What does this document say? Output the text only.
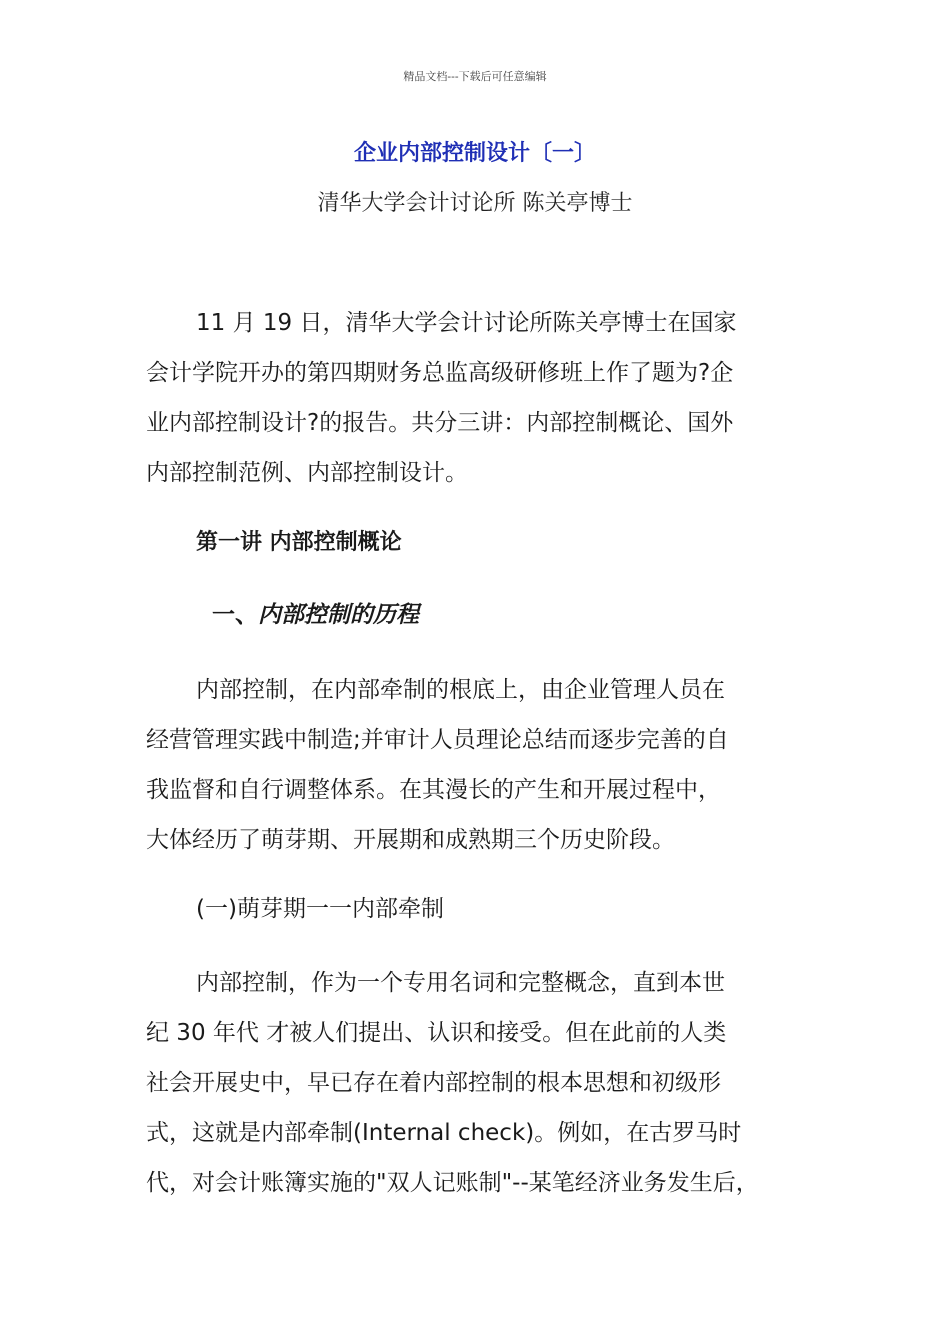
精品文档---下载后可任意编辑
企业内部控制设计〔一〕
清华大学会计讨论所 陈关亭博士

11 月 19 日，清华大学会计讨论所陈关亭博士在国家
会计学院开办的第四期财务总监高级研修班上作了题为?企
业内部控制设计?的报告。共分三讲：内部控制概论、国外
内部控制范例、内部控制设计。

第一讲 内部控制概论
一、内部控制的历程

内部控制，在内部牵制的根底上，由企业管理人员在
经营管理实践中制造;并审计人员理论总结而逐步完善的自
我监督和自行调整体系。在其漫长的产生和开展过程中，
大体经历了萌芽期、开展期和成熟期三个历史阶段。

(一)萌芽期一一内部牵制

内部控制，作为一个专用名词和完整概念，直到本世
纪 30 年代 才被人们提出、认识和接受。但在此前的人类
社会开展史中，早已存在着内部控制的根本思想和初级形
式，这就是内部牵制(Internal check)。例如，在古罗马时
代，对会计账簿实施的"双人记账制"--某笔经济业务发生后，
